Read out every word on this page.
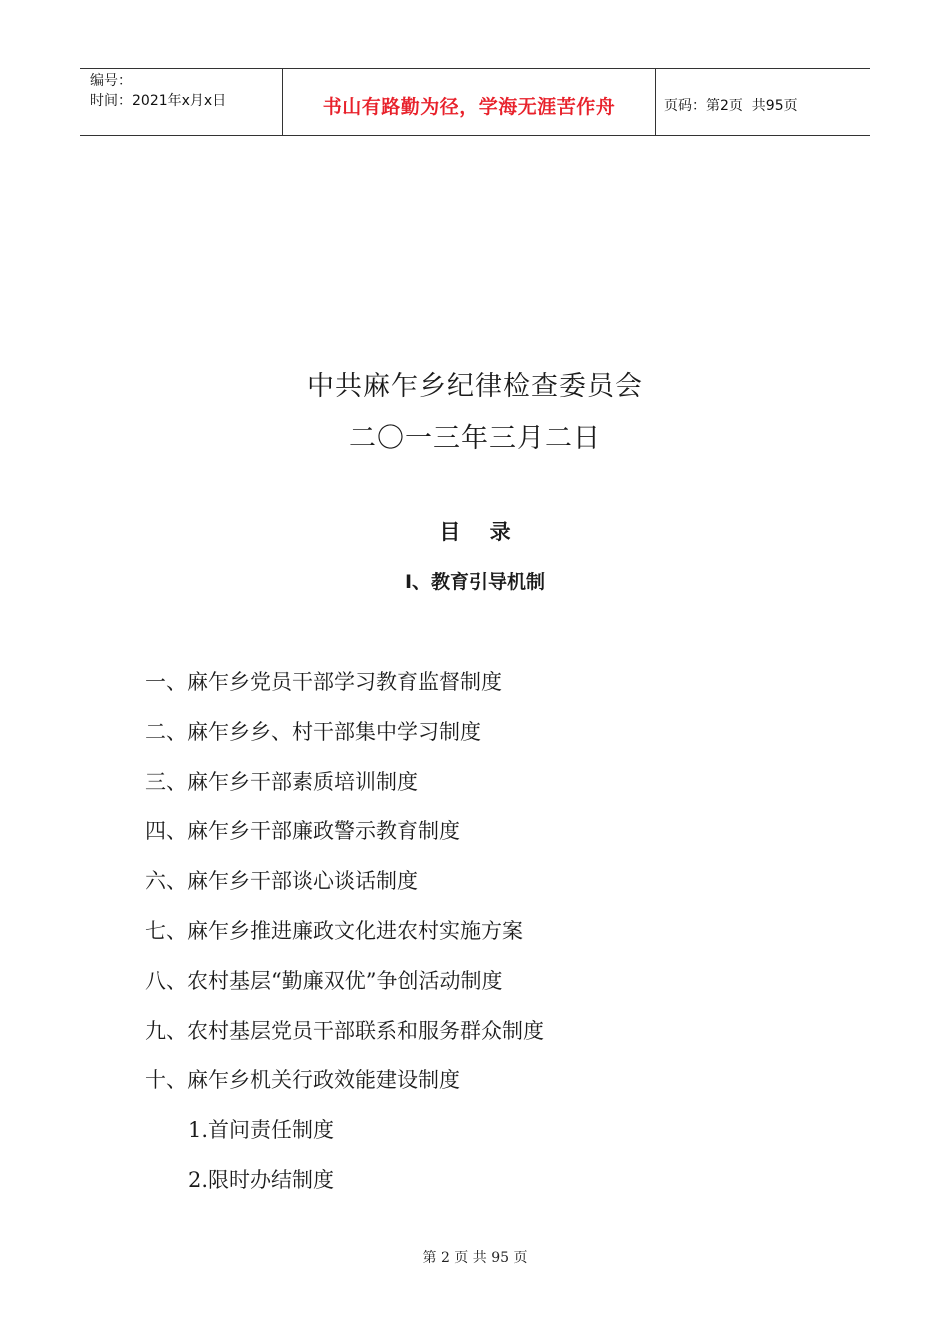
编号：
时间：2021年x月x日	书山有路勤为径，学海无涯苦作舟	页码：第2页  共95页
中共麻乍乡纪律检查委员会
二〇一三年三月二日
目    录
Ⅰ、教育引导机制
一、麻乍乡党员干部学习教育监督制度
二、麻乍乡乡、村干部集中学习制度
三、麻乍乡干部素质培训制度
四、麻乍乡干部廉政警示教育制度
六、麻乍乡干部谈心谈话制度
七、麻乍乡推进廉政文化进农村实施方案
八、农村基层“勤廉双优”争创活动制度
九、农村基层党员干部联系和服务群众制度
十、麻乍乡机关行政效能建设制度
1.首问责任制度
2.限时办结制度
第 2 页 共 95 页
